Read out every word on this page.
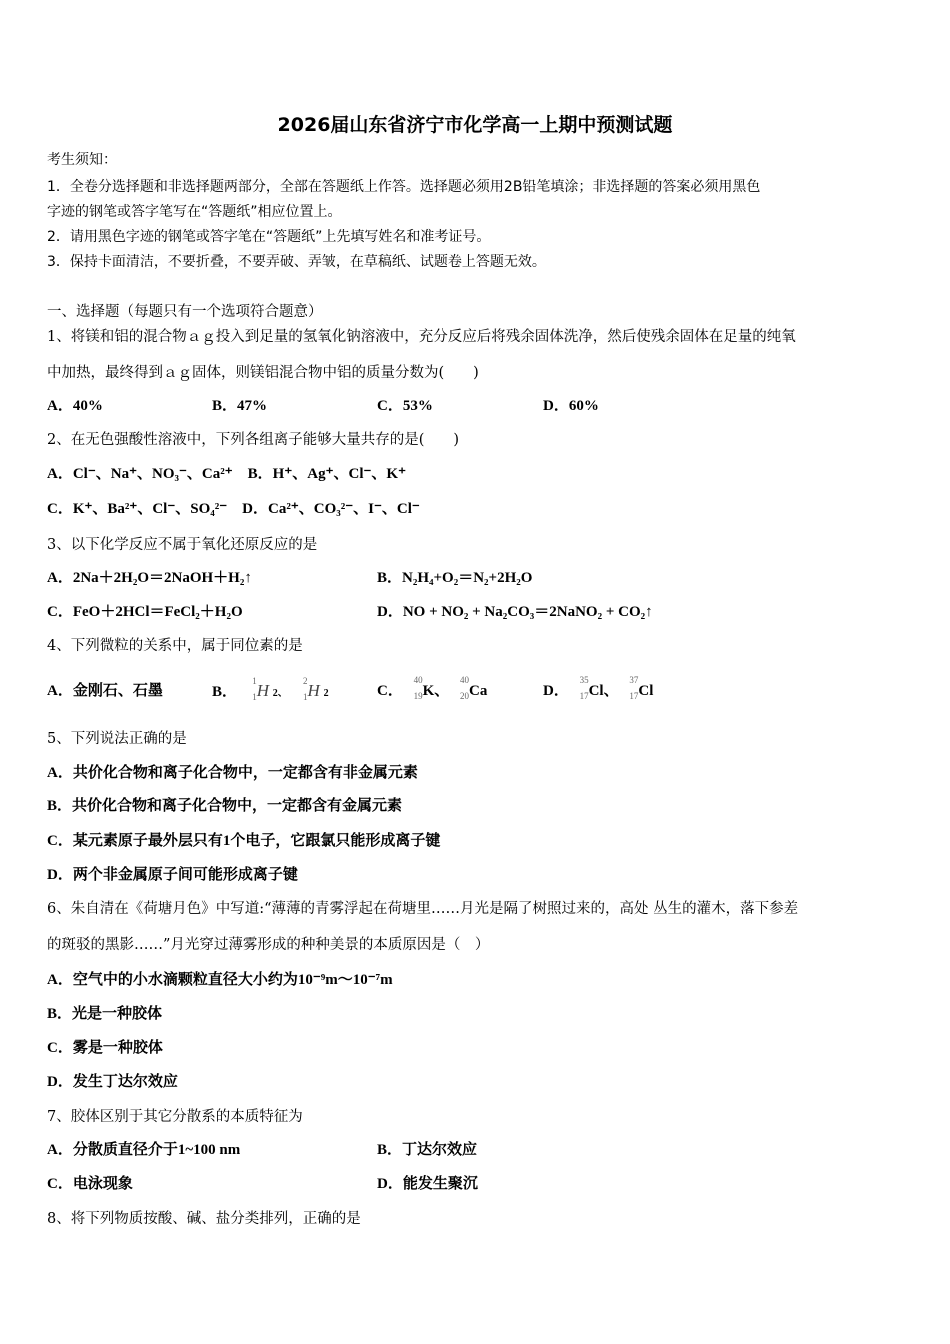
2026届山东省济宁市化学高一上期中预测试题
考生须知：
1．全卷分选择题和非选择题两部分，全部在答题纸上作答。选择题必须用2B铅笔填涂；非选择题的答案必须用黑色
字迹的钢笔或答字笔写在“答题纸”相应位置上。
2．请用黑色字迹的钢笔或答字笔在“答题纸”上先填写姓名和准考证号。
3．保持卡面清洁，不要折叠，不要弄破、弄皱，在草稿纸、试题卷上答题无效。
一、选择题（每题只有一个选项符合题意）
1、将镁和铝的混合物ａｇ投入到足量的氢氧化钠溶液中，充分反应后将残余固体洗净，然后使残余固体在足量的纯氧
中加热，最终得到ａｇ固体，则镁铝混合物中铝的质量分数为(　　)
A．40%	B．47%	C．53%	D．60%
2、在无色强酸性溶液中，下列各组离子能够大量共存的是(　　)
A．Cl⁻、Na⁺、NO₃⁻、Ca²⁺　B．H⁺、Ag⁺、Cl⁻、K⁺
C．K⁺、Ba²⁺、Cl⁻、SO₄²⁻　D．Ca²⁺、CO₃²⁻、I⁻、Cl⁻
3、以下化学反应不属于氧化还原反应的是
A．2Na＋2H₂O＝2NaOH＋H₂↑	B．N₂H₄+O₂＝N₂+2H₂O
C．FeO＋2HCl＝FeCl₂＋H₂O	D．NO + NO₂ + Na₂CO₃＝2NaNO₂ + CO₂↑
4、下列微粒的关系中，属于同位素的是
A．金刚石、石墨	B．
1
1 H 2、
2
1 H 2	C．
40
19 K、
40
20 Ca	D．
35
17 Cl、
37
17 Cl
5、下列说法正确的是
A．共价化合物和离子化合物中，一定都含有非金属元素
B．共价化合物和离子化合物中，一定都含有金属元素
C．某元素原子最外层只有1个电子，它跟氯只能形成离子键
D．两个非金属原子间可能形成离子键
6、朱自清在《荷塘月色》中写道:“薄薄的青雾浮起在荷塘里……月光是隔了树照过来的，高处 丛生的灌木，落下参差
的斑驳的黑影……”月光穿过薄雾形成的种种美景的本质原因是（　）
A．空气中的小水滴颗粒直径大小约为10⁻⁹m～10⁻⁷m
B．光是一种胶体
C．雾是一种胶体
D．发生丁达尔效应
7、胶体区别于其它分散系的本质特征为
A．分散质直径介于1~100 nm	B．丁达尔效应
C．电泳现象	D．能发生聚沉
8、将下列物质按酸、碱、盐分类排列，正确的是
